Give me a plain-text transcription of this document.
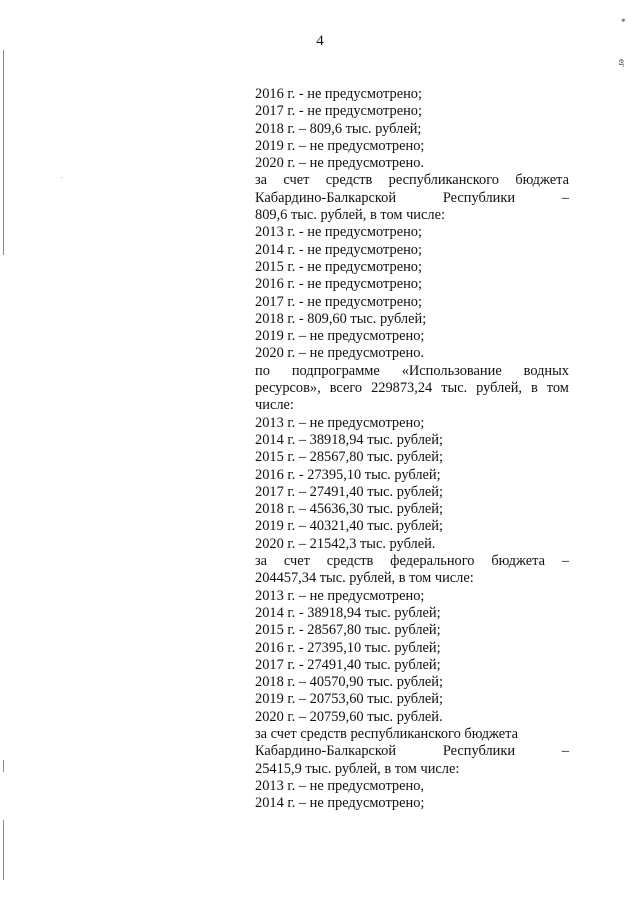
4
*
ег
.
2016 г. - не предусмотрено;
2017 г. - не предусмотрено;
2018 г. – 809,6 тыс. рублей;
2019 г. – не предусмотрено;
2020 г. – не предусмотрено.
за счет средств республиканского бюджета
Кабардино-Балкарской	Республики	–
809,6 тыс. рублей, в том числе:
2013 г. - не предусмотрено;
2014 г. - не предусмотрено;
2015 г. - не предусмотрено;
2016 г. - не предусмотрено;
2017 г. - не предусмотрено;
2018 г. - 809,60 тыс. рублей;
2019 г. – не предусмотрено;
2020 г. – не предусмотрено.
по подпрограмме «Использование водных
ресурсов», всего 229873,24 тыс. рублей, в том
числе:
2013 г. – не предусмотрено;
2014 г. – 38918,94 тыс. рублей;
2015 г. – 28567,80 тыс. рублей;
2016 г. - 27395,10 тыс. рублей;
2017 г. – 27491,40 тыс. рублей;
2018 г. – 45636,30 тыс. рублей;
2019 г. – 40321,40 тыс. рублей;
2020 г. – 21542,3 тыс. рублей.
за счет средств федерального бюджета –
204457,34 тыс. рублей, в том числе:
2013 г. – не предусмотрено;
2014 г. - 38918,94 тыс. рублей;
2015 г. - 28567,80 тыс. рублей;
2016 г. - 27395,10 тыс. рублей;
2017 г. - 27491,40 тыс. рублей;
2018 г. – 40570,90 тыс. рублей;
2019 г. – 20753,60 тыс. рублей;
2020 г. – 20759,60 тыс. рублей.
за счет средств республиканского бюджета
Кабардино-Балкарской	Республики	–
25415,9 тыс. рублей, в том числе:
2013 г. – не предусмотрено,
2014 г. – не предусмотрено;
